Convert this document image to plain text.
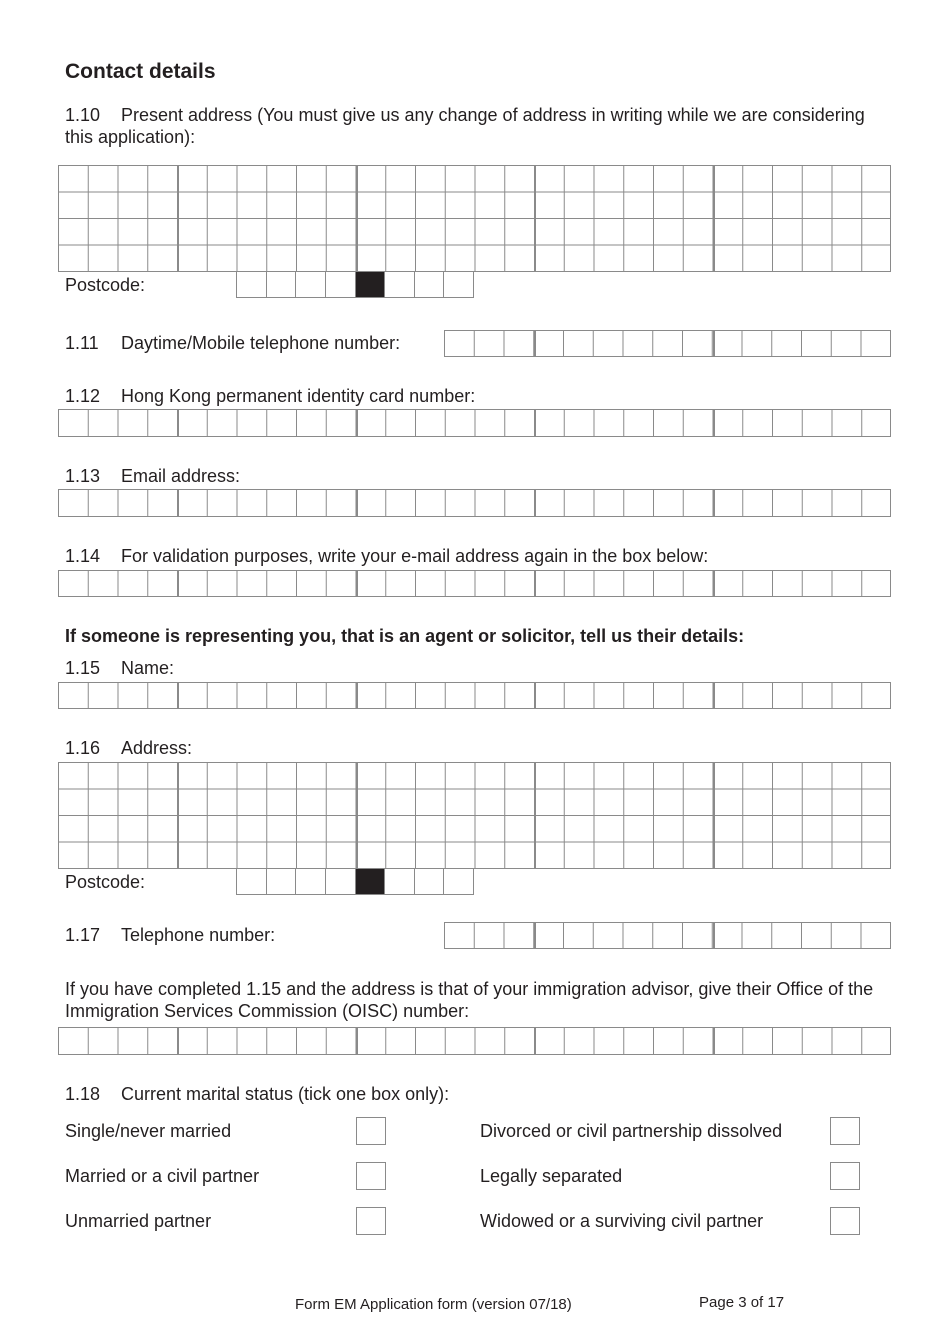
Contact details
1.10 Present address (You must give us any change of address in writing while we are considering this application):
Postcode:
1.11 Daytime/Mobile telephone number:
1.12 Hong Kong permanent identity card number:
1.13 Email address:
1.14 For validation purposes, write your e-mail address again in the box below:
If someone is representing you, that is an agent or solicitor, tell us their details:
1.15 Name:
1.16 Address:
Postcode:
1.17 Telephone number:
If you have completed 1.15 and the address is that of your immigration advisor, give their Office of the Immigration Services Commission (OISC) number:
1.18 Current marital status (tick one box only):
Single/never married	Divorced or civil partnership dissolved
Married or a civil partner	Legally separated
Unmarried partner	Widowed or a surviving civil partner
Form EM Application form (version 07/18)	Page 3 of 17
